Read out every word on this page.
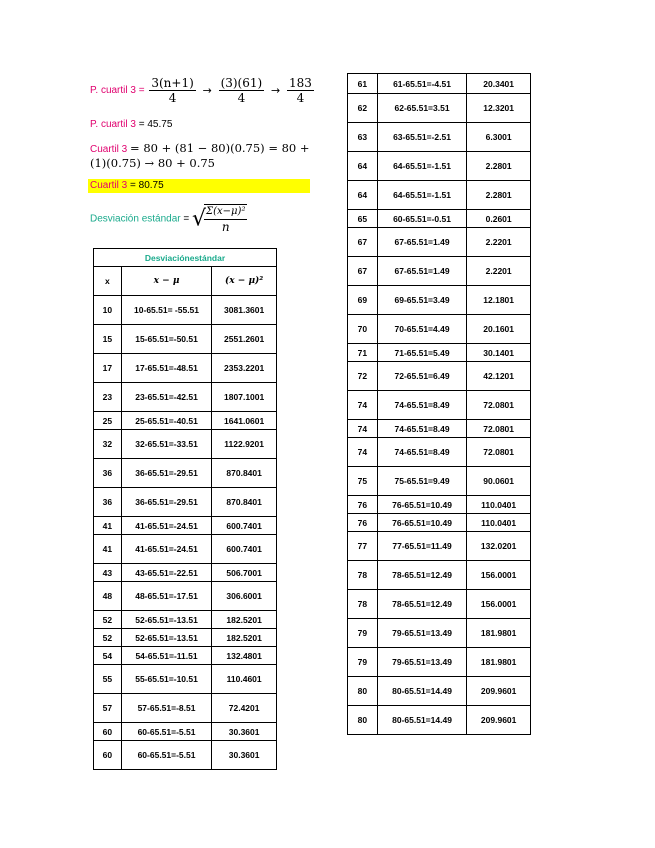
P. cuartil $3 = \frac{3(n+1)}{4} \to \frac{(3)(61)}{4} \to \frac{183}{4}$
P. cuartil 3 = 45.75
Cuartil 3 = 80 + (81 − 80)(0.75) = 80 +
(1)(0.75) → 80 + 0.75
Cuartil 3 = 80.75
Desviación estándar = √
$\frac{\text{Σ(x−μ)²}}{n}$
Desviaciónestándar		
x	x − μ	(x − μ)²
10	10-65.51= -55.51	3081.3601
15	15-65.51=-50.51	2551.2601
17	17-65.51=-48.51	2353.2201
23	23-65.51=-42.51	1807.1001
25	25-65.51=-40.51	1641.0601
32	32-65.51=-33.51	1122.9201
36	36-65.51=-29.51	870.8401
36	36-65.51=-29.51	870.8401
41	41-65.51=-24.51	600.7401
41	41-65.51=-24.51	600.7401
43	43-65.51=-22.51	506.7001
48	48-65.51=-17.51	306.6001
52	52-65.51=-13.51	182.5201
52	52-65.51=-13.51	182.5201
54	54-65.51=-11.51	132.4801
55	55-65.51=-10.51	110.4601
57	57-65.51=-8.51	72.4201
60	60-65.51=-5.51	30.3601
60	60-65.51=-5.51	30.3601
61	61-65.51=-4.51	20.3401
62	62-65.51=3.51	12.3201
63	63-65.51=-2.51	6.3001
64	64-65.51=-1.51	2.2801
64	64-65.51=-1.51	2.2801
65	60-65.51=-0.51	0.2601
67	67-65.51=1.49	2.2201
67	67-65.51=1.49	2.2201
69	69-65.51=3.49	12.1801
70	70-65.51=4.49	20.1601
71	71-65.51=5.49	30.1401
72	72-65.51=6.49	42.1201
74	74-65.51=8.49	72.0801
74	74-65.51=8.49	72.0801
74	74-65.51=8.49	72.0801
75	75-65.51=9.49	90.0601
76	76-65.51=10.49	110.0401
76	76-65.51=10.49	110.0401
77	77-65.51=11.49	132.0201
78	78-65.51=12.49	156.0001
78	78-65.51=12.49	156.0001
79	79-65.51=13.49	181.9801
79	79-65.51=13.49	181.9801
80	80-65.51=14.49	209.9601
80	80-65.51=14.49	209.9601
